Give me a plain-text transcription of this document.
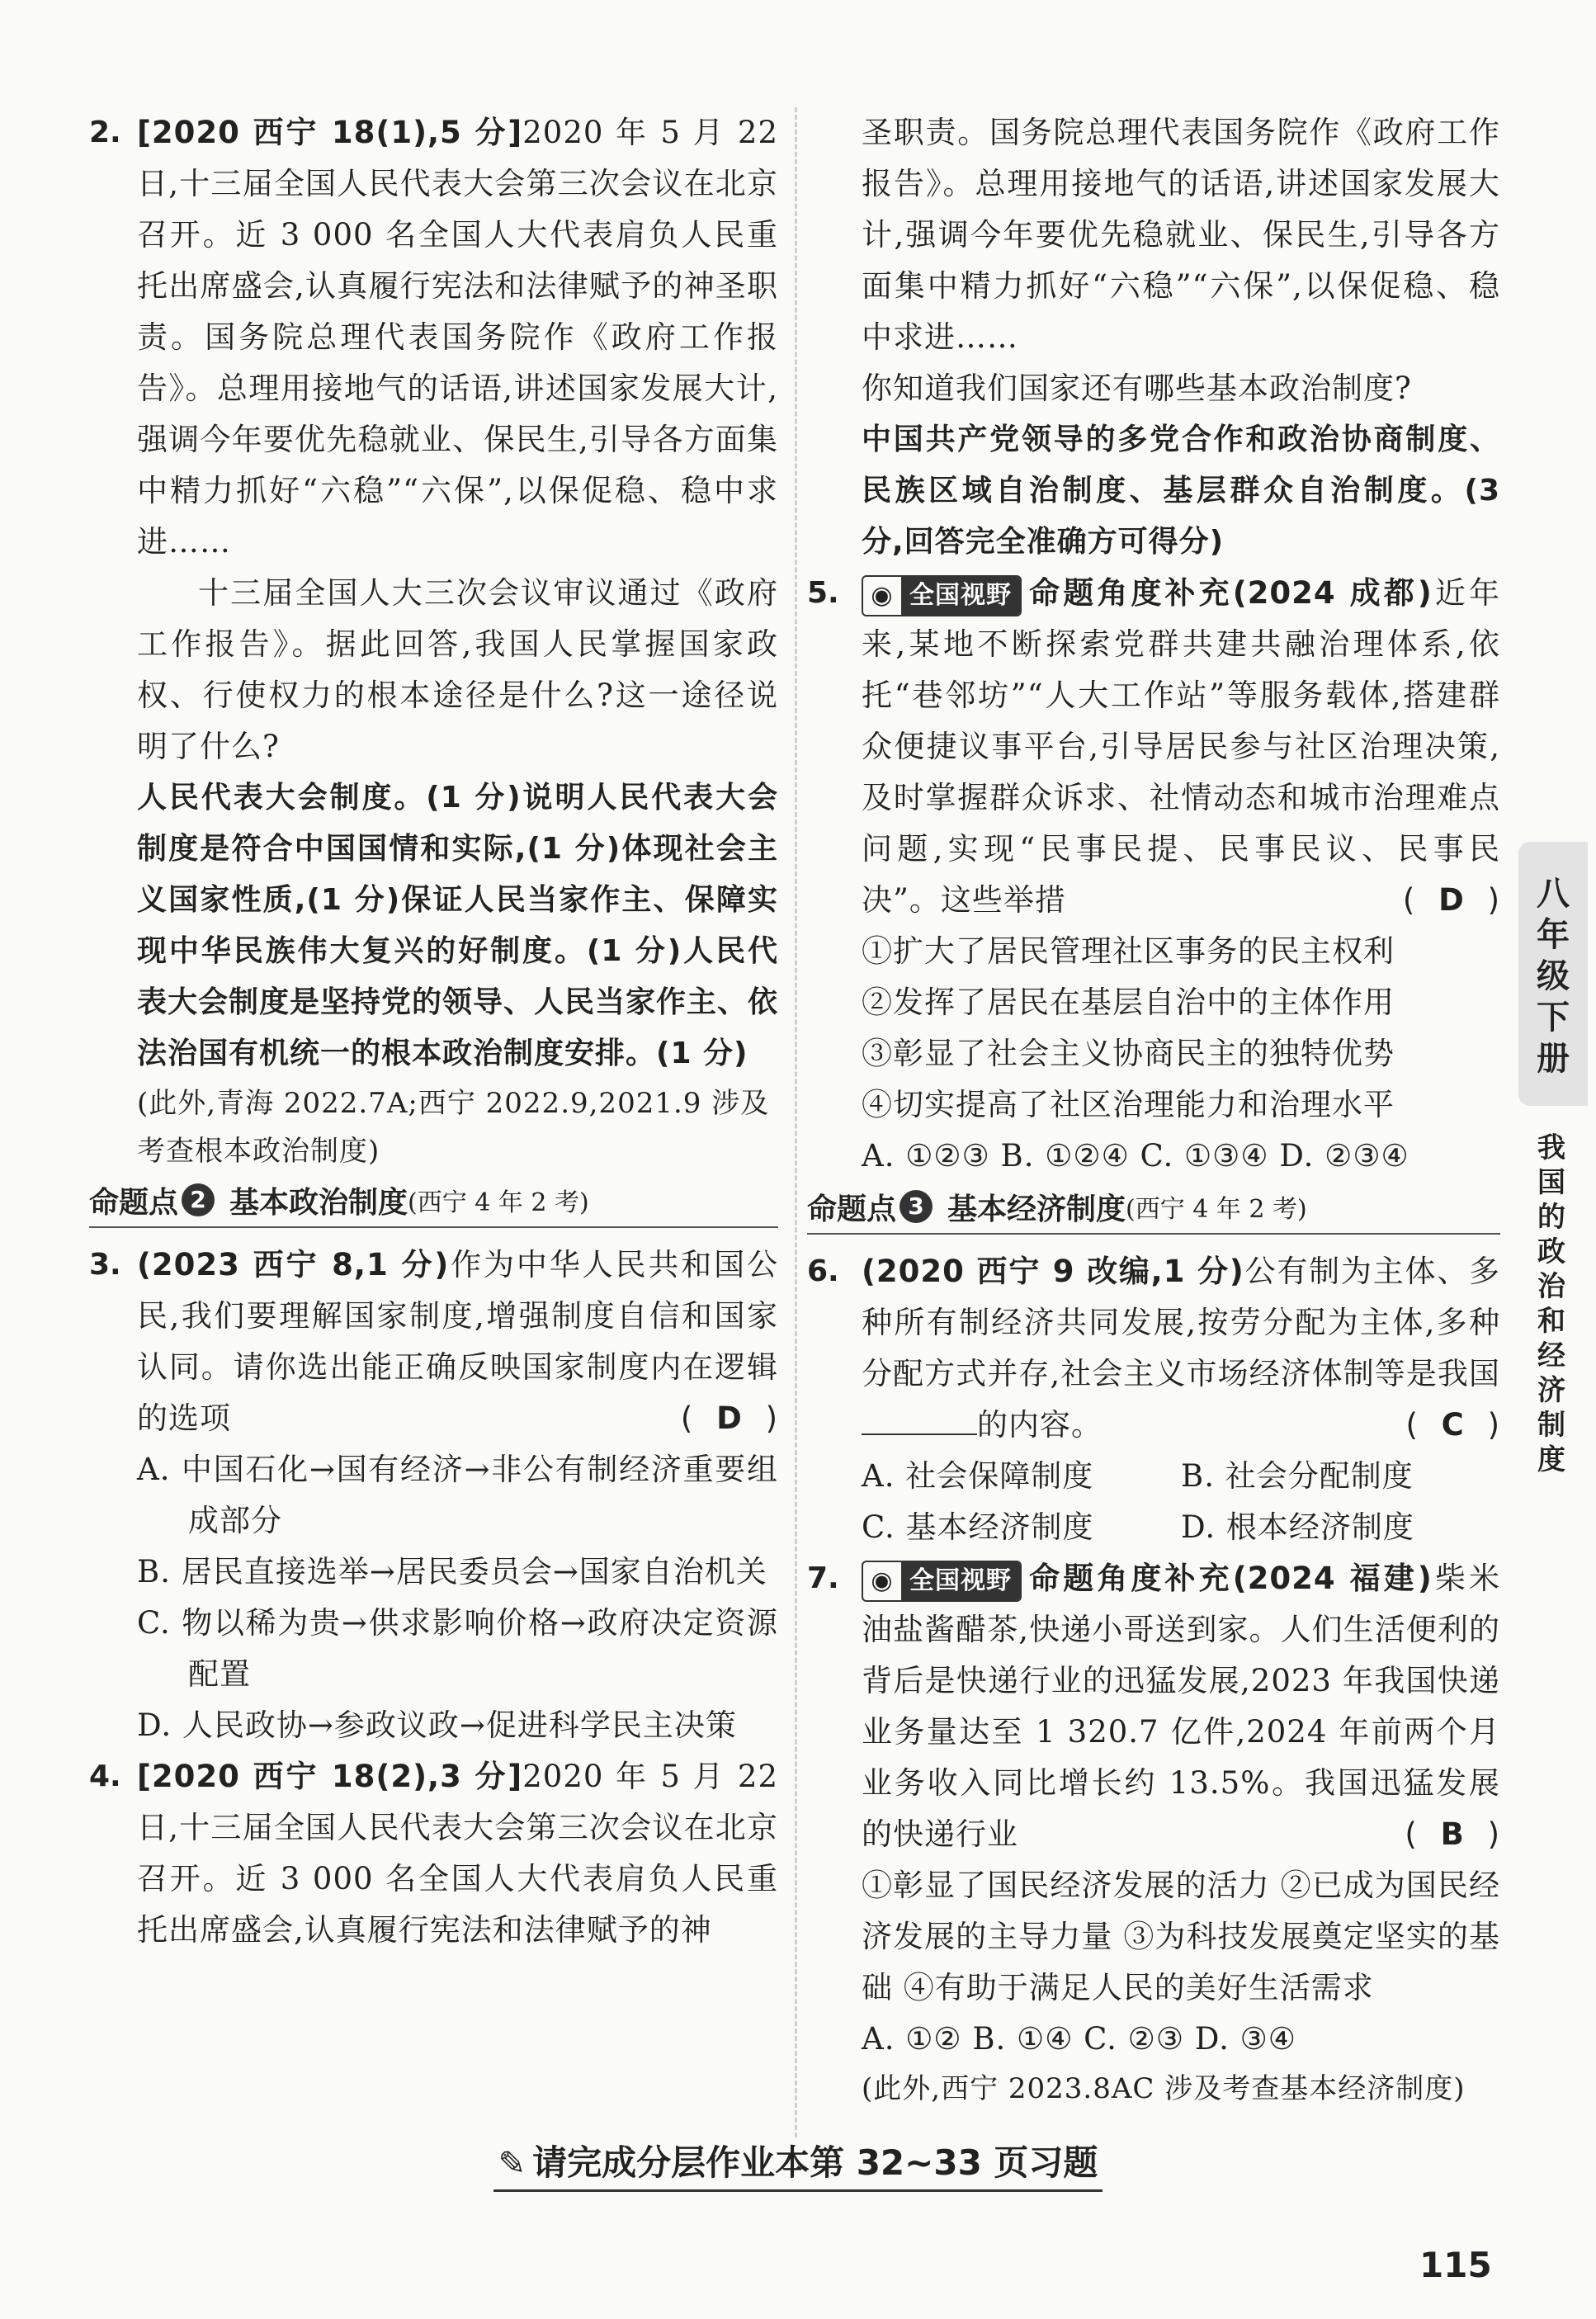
2. [2020 西宁 18(1),5 分]2020 年 5 月 22 日,十三届全国人民代表大会第三次会议在北京召开。近 3 000 名全国人大代表肩负人民重托出席盛会,认真履行宪法和法律赋予的神圣职责。国务院总理代表国务院作《政府工作报告》。总理用接地气的话语,讲述国家发展大计,强调今年要优先稳就业、保民生,引导各方面集中精力抓好“六稳”“六保”,以保促稳、稳中求进……

十三届全国人大三次会议审议通过《政府工作报告》。据此回答,我国人民掌握国家政权、行使权力的根本途径是什么?这一途径说明了什么?

人民代表大会制度。(1 分)说明人民代表大会制度是符合中国国情和实际,(1 分)体现社会主义国家性质,(1 分)保证人民当家作主、保障实现中华民族伟大复兴的好制度。(1 分)人民代表大会制度是坚持党的领导、人民当家作主、依法治国有机统一的根本政治制度安排。(1 分)

(此外,青海 2022.7A;西宁 2022.9,2021.9 涉及考查根本政治制度)

命题点 2 基本政治制度 (西宁 4 年 2 考)
3. (2023 西宁 8,1 分)作为中华人民共和国公民,我们要理解国家制度,增强制度自信和国家认同。请你选出能正确反映国家制度内在逻辑的选项	( D )

A. 中国石化→国有经济→非公有制经济重要组成部分

B. 居民直接选举→居民委员会→国家自治机关

C. 物以稀为贵→供求影响价格→政府决定资源配置

D. 人民政协→参政议政→促进科学民主决策

4. [2020 西宁 18(2),3 分]2020 年 5 月 22 日,十三届全国人民代表大会第三次会议在北京召开。近 3 000 名全国人大代表肩负人民重托出席盛会,认真履行宪法和法律赋予的神

圣职责。国务院总理代表国务院作《政府工作报告》。总理用接地气的话语,讲述国家发展大计,强调今年要优先稳就业、保民生,引导各方面集中精力抓好“六稳”“六保”,以保促稳、稳中求进……

你知道我们国家还有哪些基本政治制度?

中国共产党领导的多党合作和政治协商制度、民族区域自治制度、基层群众自治制度。(3 分,回答完全准确方可得分)

5.	◉ 全国视野 命题角度补充(2024 成都)近年来,某地不断探索党群共建共融治理体系,依托“巷邻坊”“人大工作站”等服务载体,搭建群众便捷议事平台,引导居民参与社区治理决策,及时掌握群众诉求、社情动态和城市治理难点问题,实现“民事民提、民事民议、民事民决”。这些举措	( D )

①扩大了居民管理社区事务的民主权利

②发挥了居民在基层自治中的主体作用

③彰显了社会主义协商民主的独特优势

④切实提高了社区治理能力和治理水平

A. ①②③ B. ①②④ C. ①③④ D. ②③④

命题点 3 基本经济制度 (西宁 4 年 2 考)
6. (2020 西宁 9 改编,1 分)公有制为主体、多种所有制经济共同发展,按劳分配为主体,多种分配方式并存,社会主义市场经济体制等是我国的内容。	( C )

A. 社会保障制度	B. 社会分配制度
C. 基本经济制度	D. 根本经济制度
7.	◉ 全国视野 命题角度补充(2024 福建)柴米油盐酱醋茶,快递小哥送到家。人们生活便利的背后是快递行业的迅猛发展,2023 年我国快递业务量达至 1 320.7 亿件,2024 年前两个月业务收入同比增长约 13.5%。我国迅猛发展的快递行业	( B )

①彰显了国民经济发展的活力 ②已成为国民经济发展的主导力量 ③为科技发展奠定坚实的基础 ④有助于满足人民的美好生活需求

A. ①② B. ①④ C. ②③ D. ③④

(此外,西宁 2023.8AC 涉及考查基本经济制度)

八年级下册
我国的政治和经济制度
✎ 请完成分层作业本第 32~33 页习题
115
